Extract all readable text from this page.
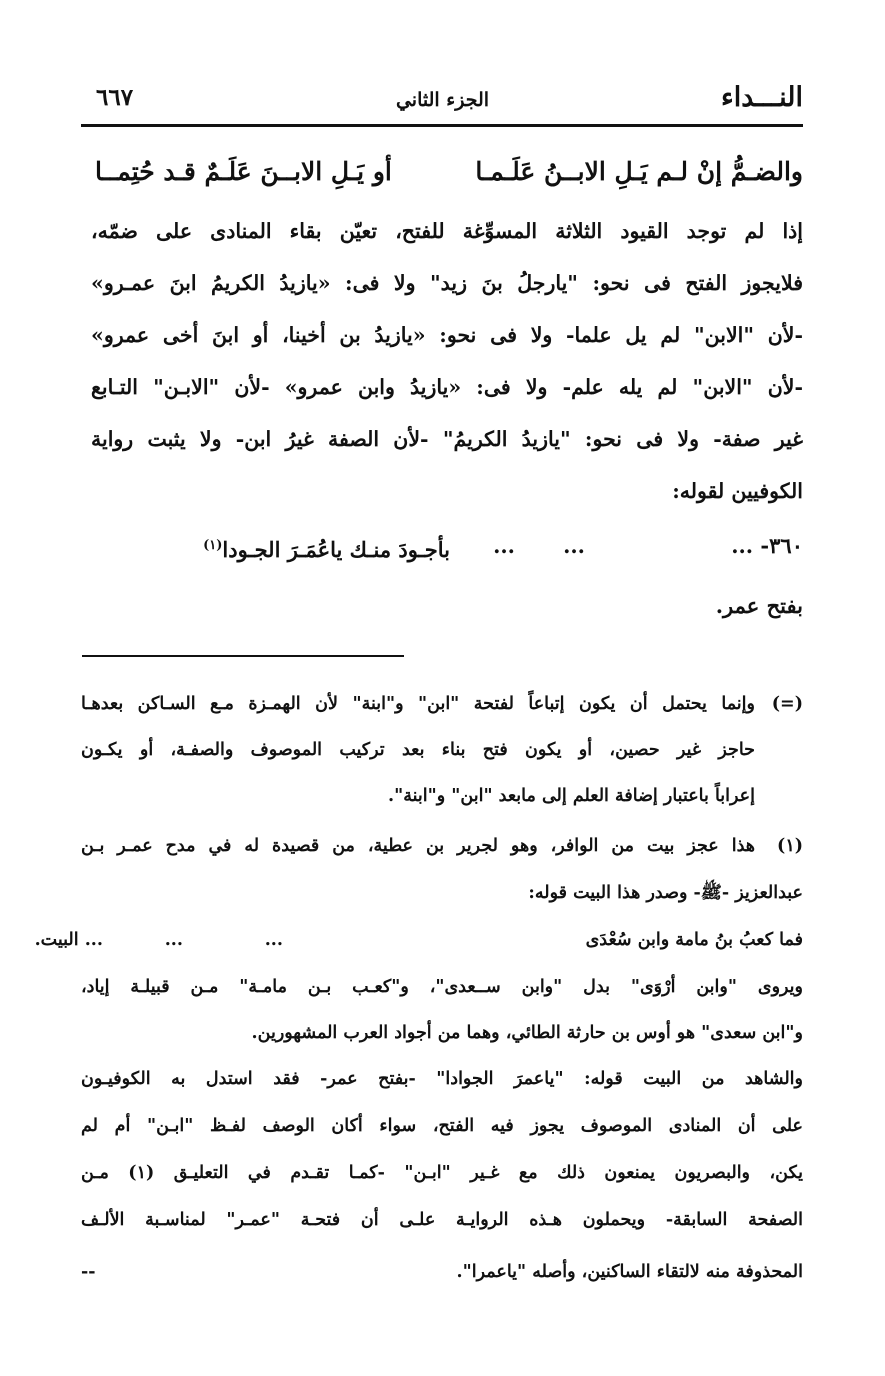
النـــداء
الجزء الثاني
٦٦٧
والضـمُّ إنْ لـم يَـلِ الابــنُ عَلَـمـا
أو يَـلِ الابــنَ عَلَـمٌ قـد حُتِمــا
إذا لم توجد القيود الثلاثة المسوِّغة للفتح، تعيّن بقاء المنادى على ضمّه،
فلايجوز الفتح فى نحو: "يارجلُ بنَ زيد" ولا فى: «يازيدُ الكريمُ ابنَ عمـرو»
-لأن "الابن" لم يل علما- ولا فى نحو: «يازيدُ بن أخينا، أو ابنَ أخى عمرو»
-لأن "الابن" لم يله علم- ولا فى: «يازيدُ وابن عمرو» -لأن "الابـن" التـابع
غير صفة- ولا فى نحو: "يازيدُ الكريمُ" -لأن الصفة غيرُ ابن- ولا يثبت رواية
الكوفيين لقوله:
٣٦٠- ...
...
...
بأجـودَ منـك ياعُمَـرَ الجـودا$^{(١)}$
بفتح عمر.
(=)
وإنما يحتمل أن يكون إتباعاً لفتحة "ابن" و"ابنة" لأن الهمـزة مـع السـاكن بعدهـا
حاجز غير حصين، أو يكون فتح بناء بعد تركيب الموصوف والصفـة، أو يكـون
إعراباً باعتبار إضافة العلم إلى مابعد "ابن" و"ابنة".
(١)
هذا عجز بيت من الوافر، وهو لجرير بن عطية، من قصيدة له في مدح عمـر بـن
عبدالعزيز -ﷺ- وصدر هذا البيت قوله:
فما كعبُ بنُ مامة وابن سُعْدَى
...
...
... البيت.
ويروى "وابن أرْوَى" بدل "وابن ســعدى"، و"كعـب بـن مامـة" مـن قبيلـة إياد،
و"ابن سعدى" هو أوس بن حارثة الطائي، وهما من أجواد العرب المشهورين.
والشاهد من البيت قوله: "ياعمرَ الجوادا" -بفتح عمر- فقد استدل به الكوفيـون
على أن المنادى الموصوف يجوز فيه الفتح، سواء أكان الوصف لفـظ "ابـن" أم لم
يكن، والبصريون يمنعون ذلك مع غـير "ابـن" -كمـا تقـدم في التعليـق (١) مـن
الصفحة السابقة- ويحملون هـذه الروايـة علـى أن فتحـة "عمـر" لمناسـبة الألـف
المحذوفة منه لالتقاء الساكنين، وأصله "ياعمرا".
--
